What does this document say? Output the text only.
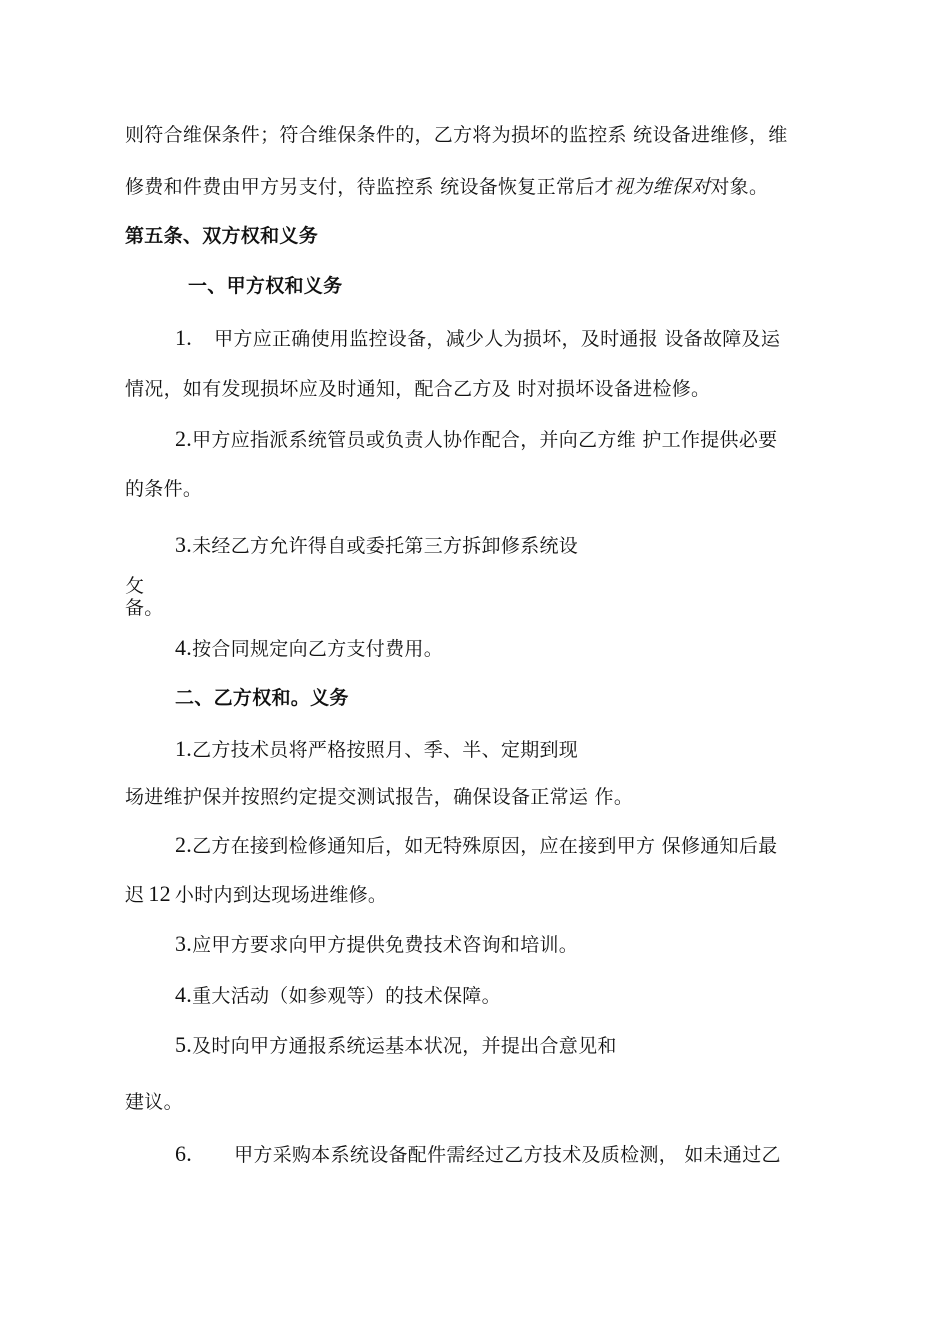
则符合维保条件；符合维保条件的，乙方将为损坏的监控系 统设备进维修，维
修费和件费由甲方另支付，待监控系 统设备恢复正常后才视为维保对对象。
第五条、双方权和义务
一、甲方权和义务
1. 甲方应正确使用监控设备，减少人为损坏，及时通报 设备故障及运
情况，如有发现损坏应及时通知，配合乙方及 时对损坏设备进检修。
2.甲方应指派系统管员或负责人协作配合，并向乙方维 护工作提供必要
的条件。
3.未经乙方允许得自或委托第三方拆卸修系统设
攵
备。
4.按合同规定向乙方支付费用。
二、乙方权和。义务
1.乙方技术员将严格按照月、季、半、定期到现
场进维护保并按照约定提交测试报告，确保设备正常运 作。
2.乙方在接到检修通知后，如无特殊原因，应在接到甲方 保修通知后最
迟 12 小时内到达现场进维修。
3.应甲方要求向甲方提供免费技术咨询和培训。
4.重大活动（如参观等）的技术保障。
5.及时向甲方通报系统运基本状况，并提出合意见和
建议。
6. 甲方采购本系统设备配件需经过乙方技术及质检测， 如未通过乙
